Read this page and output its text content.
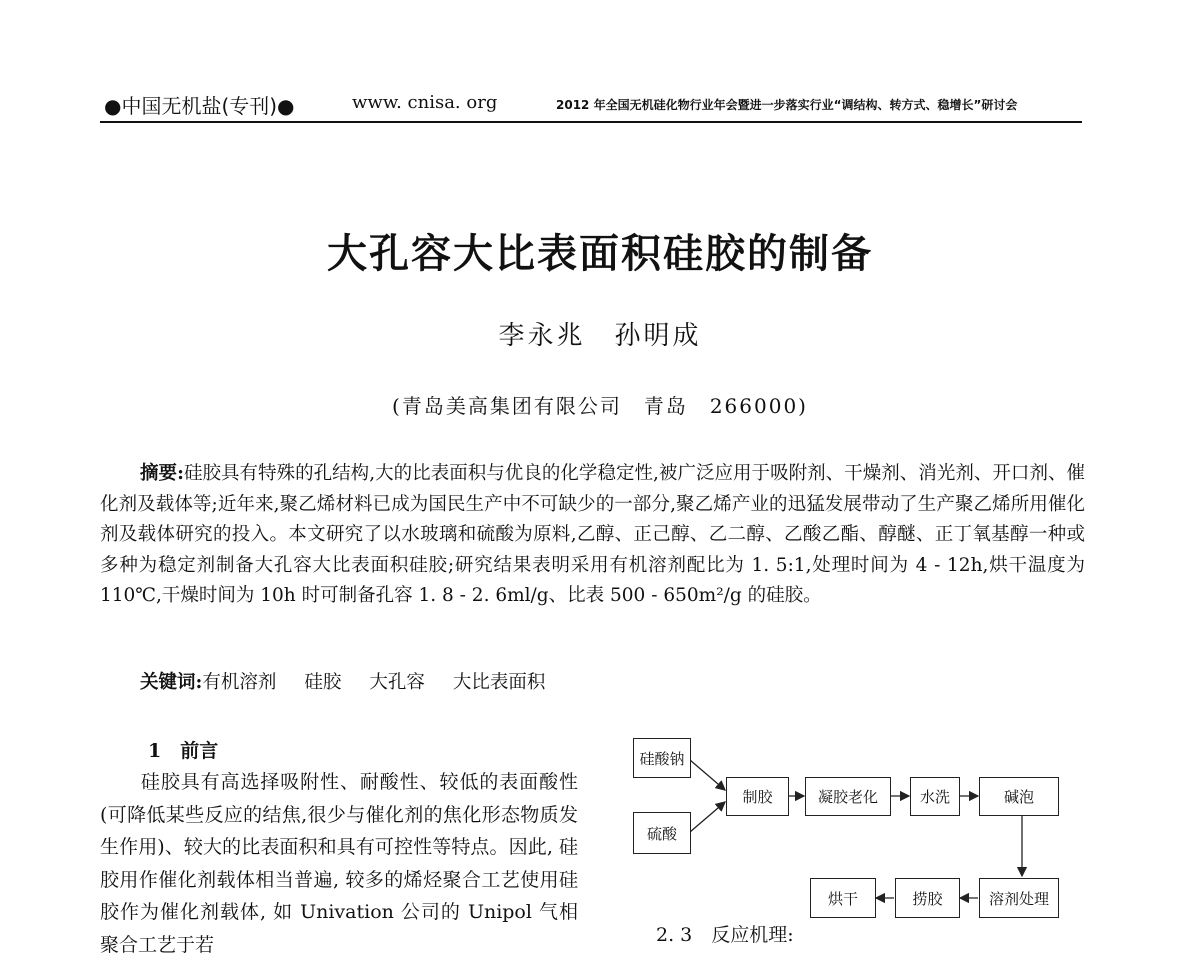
●中国无机盐(专刊)●	www. cnisa. org	2012 年全国无机硅化物行业年会暨进一步落实行业“调结构、转方式、稳增长”研讨会
大孔容大比表面积硅胶的制备
李永兆　孙明成
(青岛美高集团有限公司　青岛　266000)
摘要:硅胶具有特殊的孔结构,大的比表面积与优良的化学稳定性,被广泛应用于吸附剂、干燥剂、消光剂、开口剂、催化剂及载体等;近年来,聚乙烯材料已成为国民生产中不可缺少的一部分,聚乙烯产业的迅猛发展带动了生产聚乙烯所用催化剂及载体研究的投入。本文研究了以水玻璃和硫酸为原料,乙醇、正己醇、乙二醇、乙酸乙酯、醇醚、正丁氧基醇一种或多种为稳定剂制备大孔容大比表面积硅胶;研究结果表明采用有机溶剂配比为 1. 5:1,处理时间为 4 - 12h,烘干温度为 110℃,干燥时间为 10h 时可制备孔容 1. 8 - 2. 6ml/g、比表 500 - 650m²/g 的硅胶。
关键词:有机溶剂 硅胶 大孔容 大比表面积
1　前言
硅胶具有高选择吸附性、耐酸性、较低的表面酸性(可降低某些反应的结焦,很少与催化剂的焦化形态物质发生作用)、较大的比表面积和具有可控性等特点。因此, 硅胶用作催化剂载体相当普遍, 较多的烯烃聚合工艺使用硅胶作为催化剂载体, 如 Univation 公司的 Unipol 气相聚合工艺于若
硅酸钠
硫酸
制胶	凝胶老化	水洗	碱泡
溶剂处理
捞胶
烘干
2. 3　反应机理:
